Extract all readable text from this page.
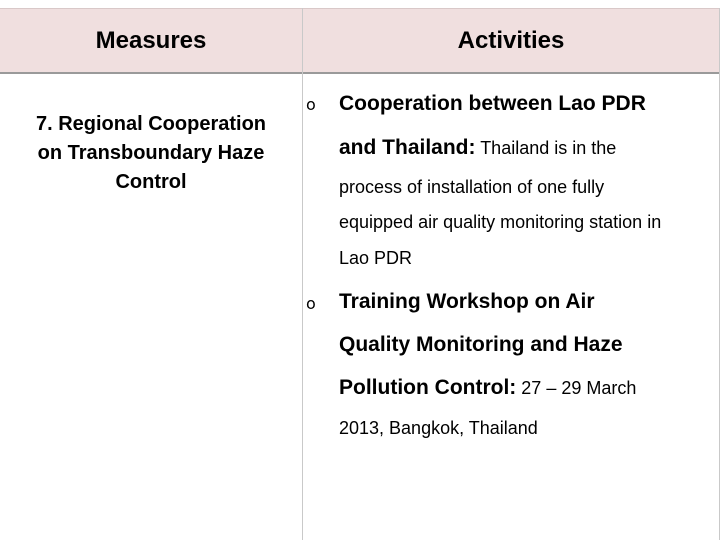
Measures	Activities
7. Regional Cooperation
on Transboundary Haze
Control
o Cooperation between Lao PDR
and Thailand: Thailand is in the
process of installation of one fully
equipped air quality monitoring station in
Lao PDR
o Training Workshop on Air
Quality Monitoring and Haze
Pollution Control: 27 – 29 March
2013, Bangkok, Thailand
